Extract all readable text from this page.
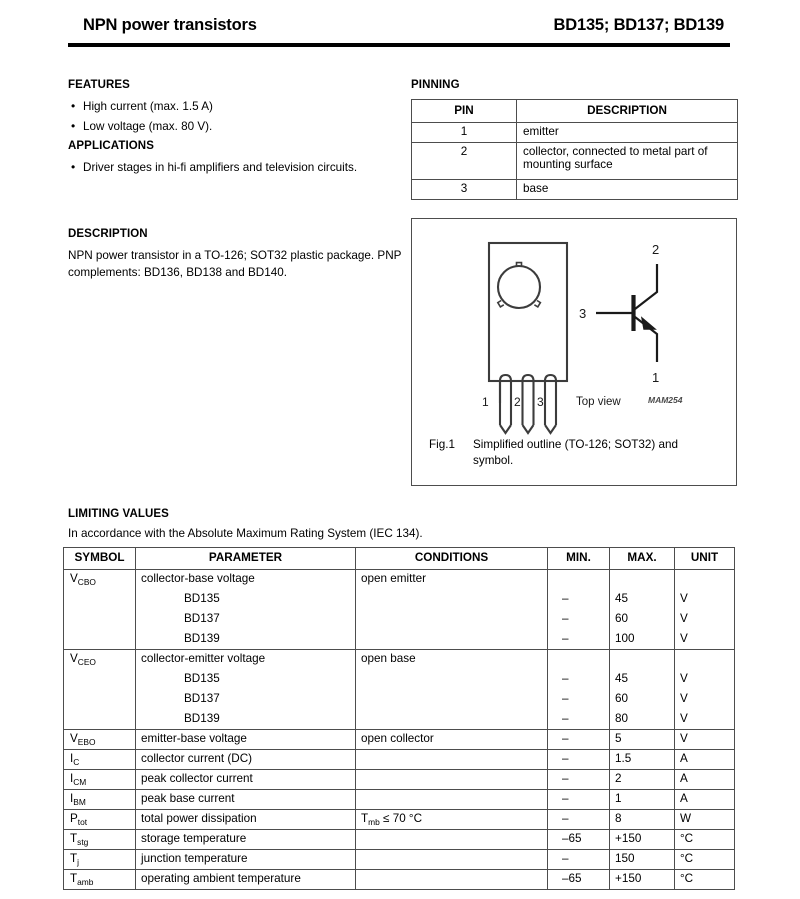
NPN power transistors	BD135; BD137; BD139
FEATURES
• High current (max. 1.5 A)
• Low voltage (max. 80 V).
APPLICATIONS
• Driver stages in hi-fi amplifiers and television circuits.
DESCRIPTION
NPN power transistor in a TO-126; SOT32 plastic package. PNP complements: BD136, BD138 and BD140.
PINNING
PIN	DESCRIPTION
1	emitter
2	collector, connected to metal part of mounting surface
3	base
3
2
1
1 2 3	Top view	MAM254
Fig.1 Simplified outline (TO-126; SOT32) and symbol.
LIMITING VALUES
In accordance with the Absolute Maximum Rating System (IEC 134).
SYMBOL	PARAMETER	CONDITIONS	MIN.	MAX.	UNIT
$V_{CBO}$	collector-base voltage	open emitter			
	BD135		–	45	V
	BD137		–	60	V
	BD139		–	100	V
$V_{CEO}$	collector-emitter voltage	open base			
	BD135		–	45	V
	BD137		–	60	V
	BD139		–	80	V
$V_{EBO}$	emitter-base voltage	open collector	–	5	V
$I_C$	collector current (DC)		–	1.5	A
$I_{CM}$	peak collector current		–	2	A
$I_{BM}$	peak base current		–	1	A
$P_{tot}$	total power dissipation	$T_{mb} \le 70$ °C	–	8	W
$T_{stg}$	storage temperature		–65	+150	°C
$T_j$	junction temperature		–	150	°C
$T_{amb}$	operating ambient temperature		–65	+150	°C
